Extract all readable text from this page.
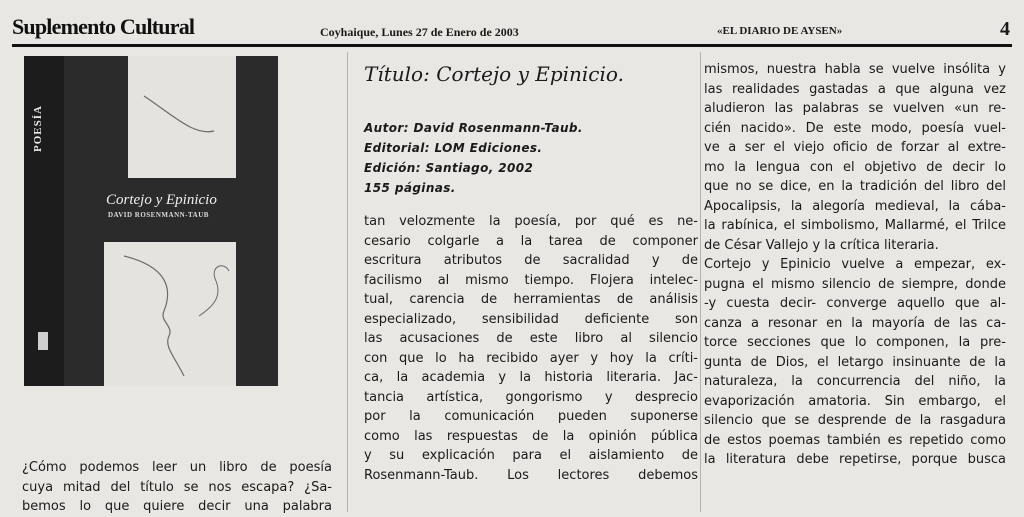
Suplemento Cultural	Coyhaique, Lunes 27 de Enero de 2003	«EL DIARIO DE AYSEN»	4
POESÍA
Cortejo y Epinicio
DAVID ROSENMANN-TAUB
¿Cómo podemos leer un libro de poesía
cuya mitad del título se nos escapa? ¿Sa-
bemos lo que quiere decir una palabra
Título: Cortejo y Epinicio.
Autor: David Rosenmann-Taub.
Editorial: LOM Ediciones.
Edición: Santiago, 2002
155 páginas.
tan velozmente la poesía, por qué es ne-
cesario colgarle a la tarea de componer
escritura atributos de sacralidad y de
facilismo al mismo tiempo. Flojera intelec-
tual, carencia de herramientas de análisis
especializado, sensibilidad deficiente son
las acusaciones de este libro al silencio
con que lo ha recibido ayer y hoy la críti-
ca, la academia y la historia literaria. Jac-
tancia artística, gongorismo y desprecio
por la comunicación pueden suponerse
como las respuestas de la opinión pública
y su explicación para el aislamiento de
Rosenmann-Taub. Los lectores debemos
mismos, nuestra habla se vuelve insólita y
las realidades gastadas a que alguna vez
aludieron las palabras se vuelven «un re-
cién nacido». De este modo, poesía vuel-
ve a ser el viejo oficio de forzar al extre-
mo la lengua con el objetivo de decir lo
que no se dice, en la tradición del libro del
Apocalipsis, la alegoría medieval, la cába-
la rabínica, el simbolismo, Mallarmé, el Trilce
de César Vallejo y la crítica literaria.
Cortejo y Epinicio vuelve a empezar, ex-
pugna el mismo silencio de siempre, donde
-y cuesta decir- converge aquello que al-
canza a resonar en la mayoría de las ca-
torce secciones que lo componen, la pre-
gunta de Dios, el letargo insinuante de la
naturaleza, la concurrencia del niño, la
evaporización amatoria. Sin embargo, el
silencio que se desprende de la rasgadura
de estos poemas también es repetido como
la literatura debe repetirse, porque busca
